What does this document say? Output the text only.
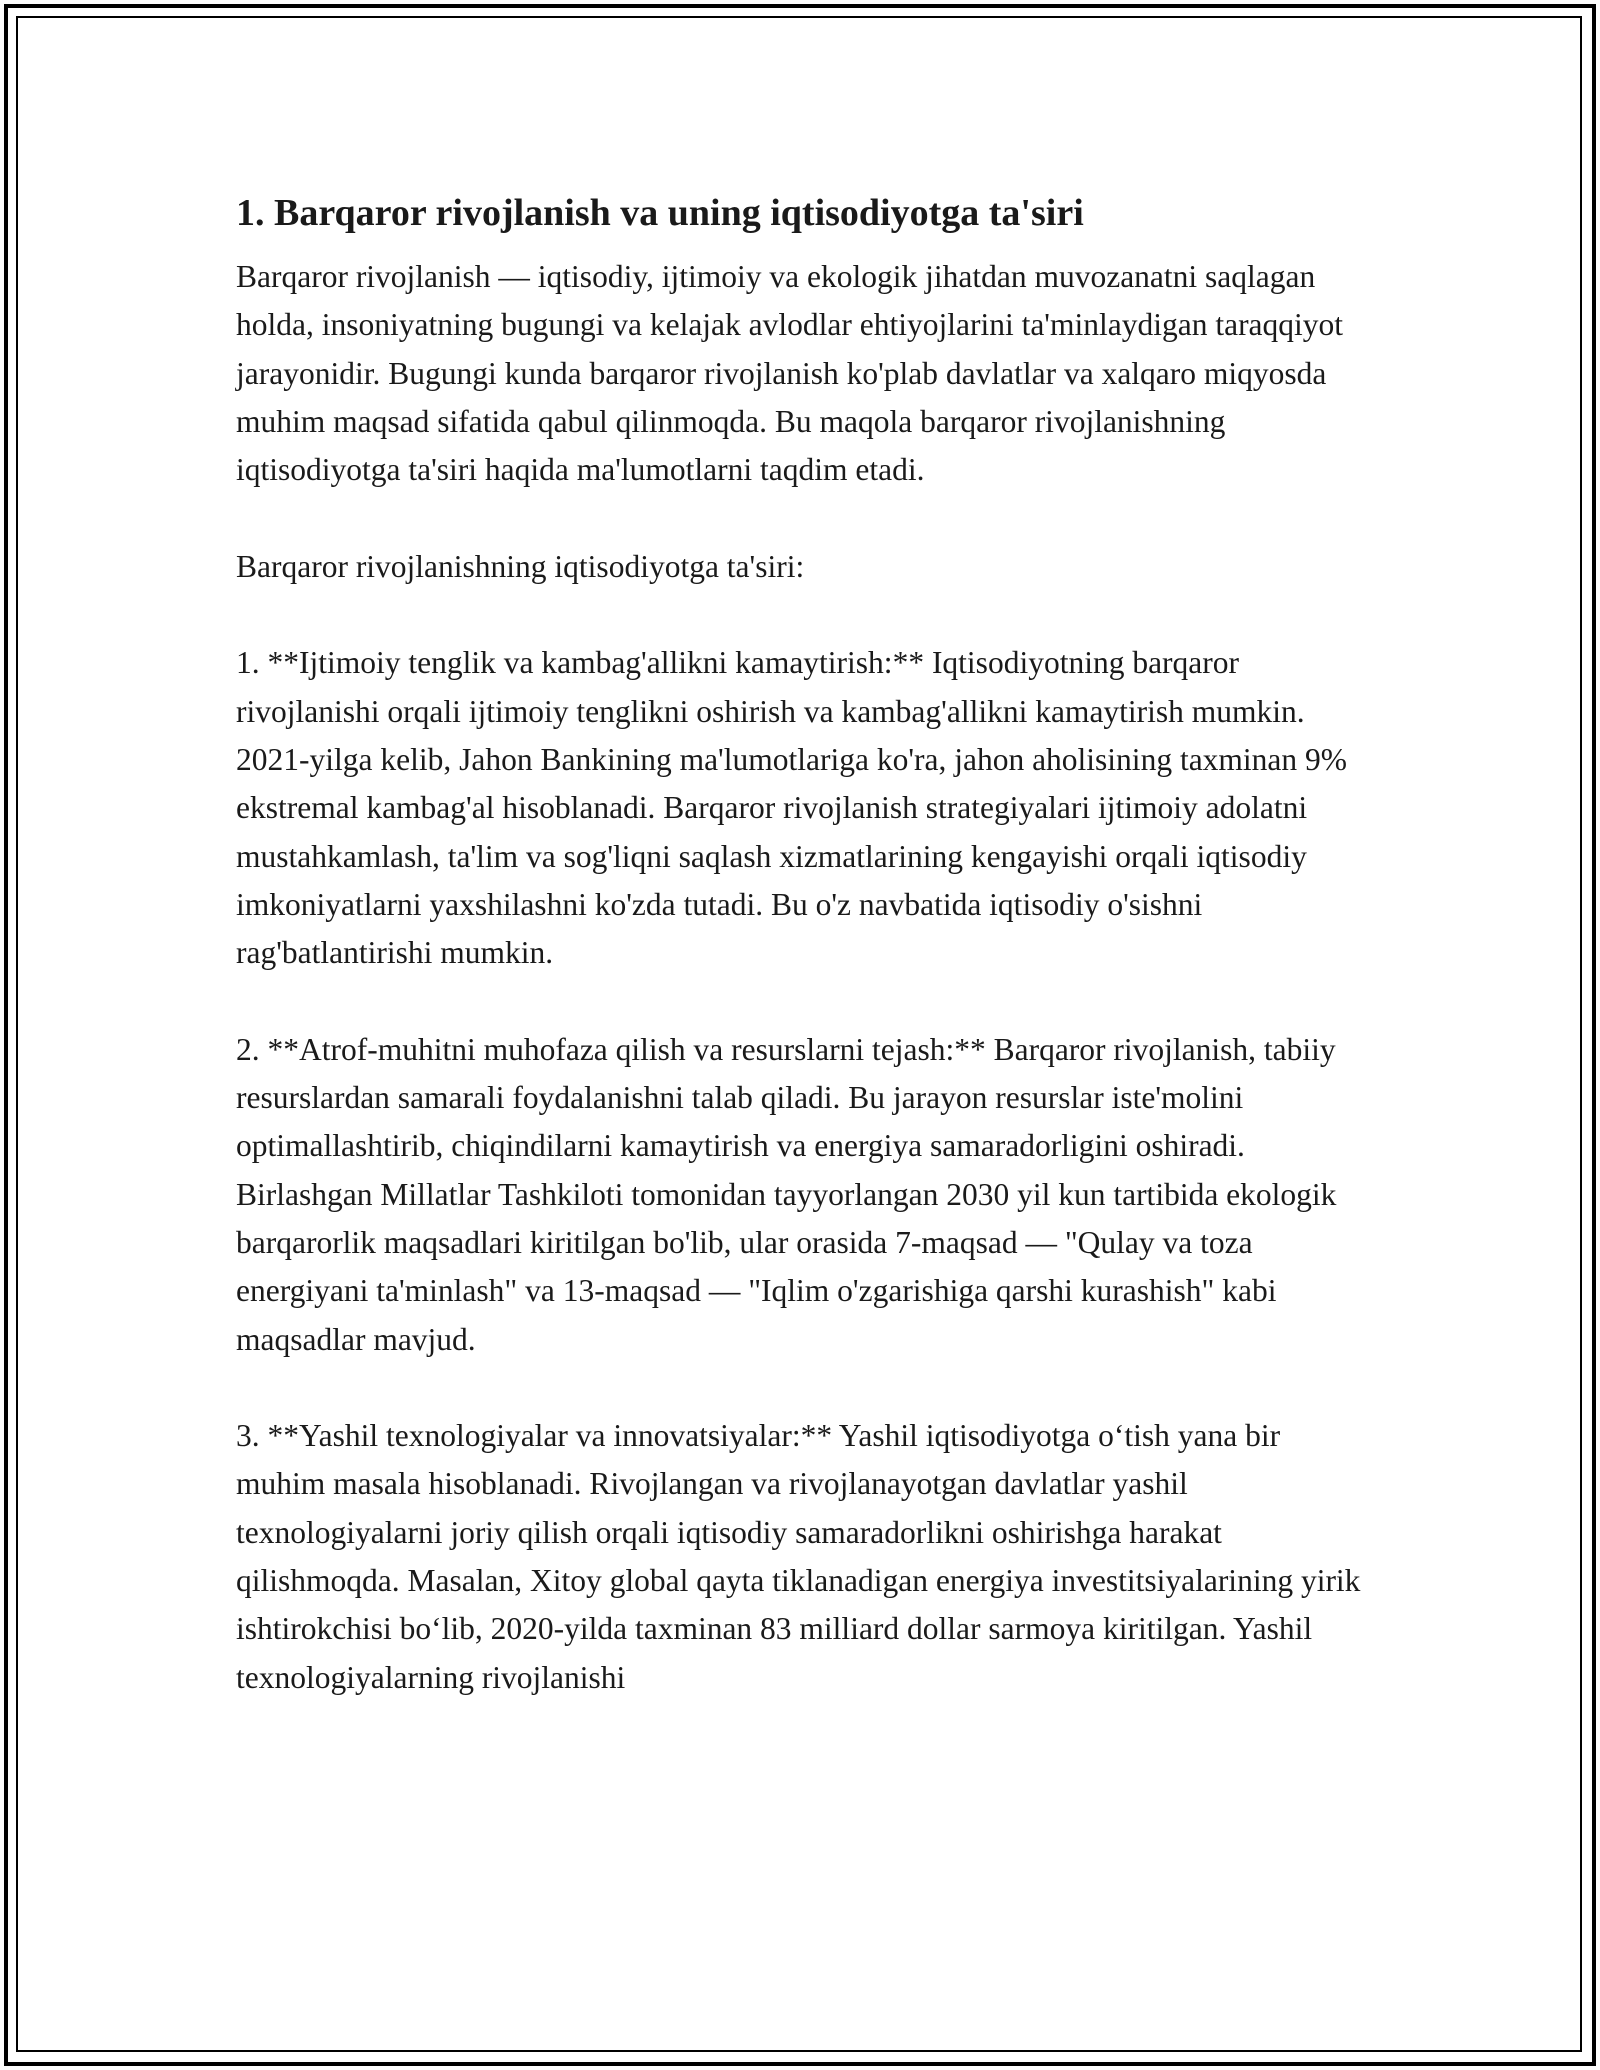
1. Barqaror rivojlanish va uning iqtisodiyotga ta'siri

Barqaror rivojlanish — iqtisodiy, ijtimoiy va ekologik jihatdan muvozanatni saqlagan holda, insoniyatning bugungi va kelajak avlodlar ehtiyojlarini ta'minlaydigan taraqqiyot jarayonidir. Bugungi kunda barqaror rivojlanish ko'plab davlatlar va xalqaro miqyosda muhim maqsad sifatida qabul qilinmoqda. Bu maqola barqaror rivojlanishning iqtisodiyotga ta'siri haqida ma'lumotlarni taqdim etadi.

Barqaror rivojlanishning iqtisodiyotga ta'siri:

1. **Ijtimoiy tenglik va kambag'allikni kamaytirish:** Iqtisodiyotning barqaror rivojlanishi orqali ijtimoiy tenglikni oshirish va kambag'allikni kamaytirish mumkin. 2021-yilga kelib, Jahon Bankining ma'lumotlariga ko'ra, jahon aholisining taxminan 9% ekstremal kambag'al hisoblanadi. Barqaror rivojlanish strategiyalari ijtimoiy adolatni mustahkamlash, ta'lim va sog'liqni saqlash xizmatlarining kengayishi orqali iqtisodiy imkoniyatlarni yaxshilashni ko'zda tutadi. Bu o'z navbatida iqtisodiy o'sishni rag'batlantirishi mumkin.

2. **Atrof-muhitni muhofaza qilish va resurslarni tejash:** Barqaror rivojlanish, tabiiy resurslardan samarali foydalanishni talab qiladi. Bu jarayon resurslar iste'molini optimallashtirib, chiqindilarni kamaytirish va energiya samaradorligini oshiradi. Birlashgan Millatlar Tashkiloti tomonidan tayyorlangan 2030 yil kun tartibida ekologik barqarorlik maqsadlari kiritilgan bo'lib, ular orasida 7-maqsad — "Qulay va toza energiyani ta'minlash" va 13-maqsad — "Iqlim o'zgarishiga qarshi kurashish" kabi maqsadlar mavjud.

3. **Yashil texnologiyalar va innovatsiyalar:** Yashil iqtisodiyotga o‘tish yana bir muhim masala hisoblanadi. Rivojlangan va rivojlanayotgan davlatlar yashil texnologiyalarni joriy qilish orqali iqtisodiy samaradorlikni oshirishga harakat qilishmoqda. Masalan, Xitoy global qayta tiklanadigan energiya investitsiyalarining yirik ishtirokchisi bo‘lib, 2020-yilda taxminan 83 milliard dollar sarmoya kiritilgan. Yashil texnologiyalarning rivojlanishi
